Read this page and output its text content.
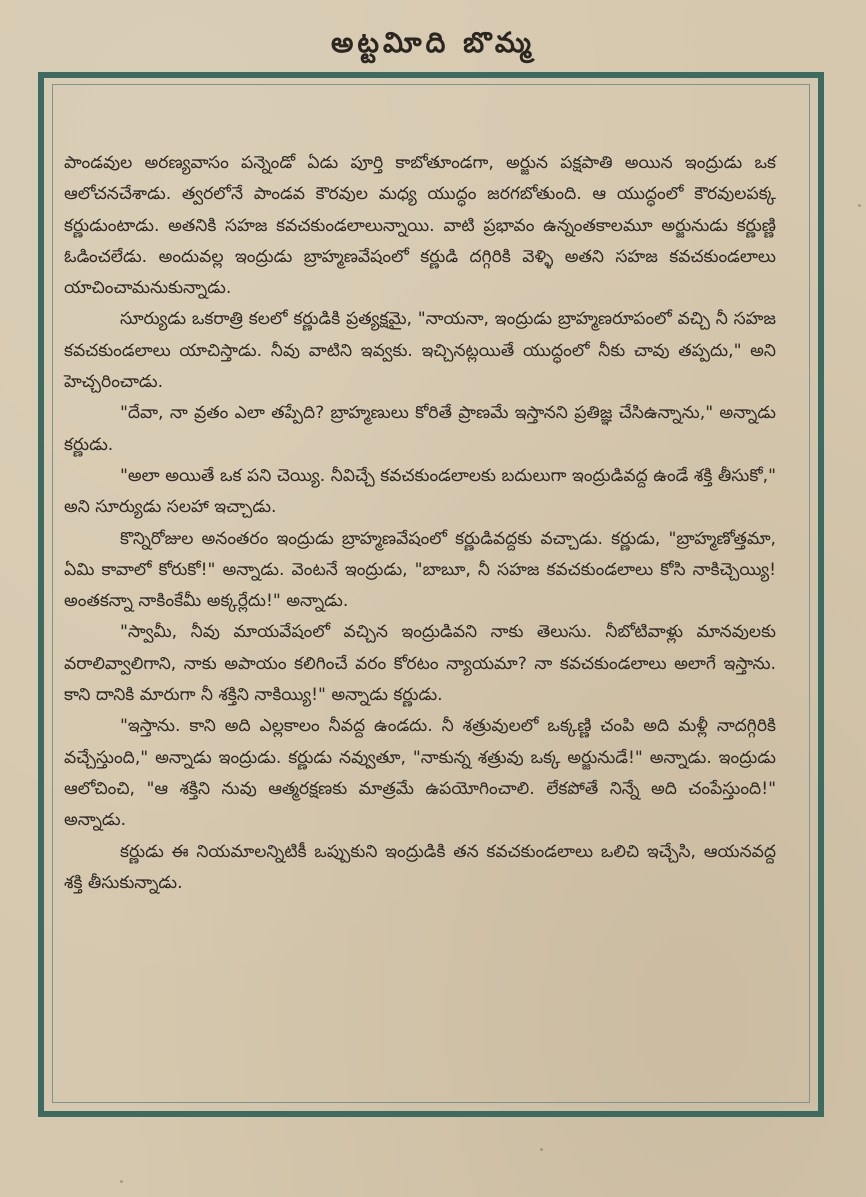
అట్టవిూది బొమ్మ

పాండవుల అరణ్యవాసం పన్నెండో ఏడు పూర్తి కాబోతూండగా, అర్జున పక్షపాతి అయిన ఇంద్రుడు ఒక ఆలోచనచేశాడు. త్వరలోనే పాండవ కౌరవుల మధ్య యుద్ధం జరగబోతుంది. ఆ యుద్ధంలో కౌరవులపక్క కర్ణుడుంటాడు. అతనికి సహజ కవచకుండలాలున్నాయి. వాటి ప్రభావం ఉన్నంతకాలమూ అర్జునుడు కర్ణుణ్ణి ఓడించలేడు. అందువల్ల ఇంద్రుడు బ్రాహ్మణవేషంలో కర్ణుడి దగ్గిరికి వెళ్ళి అతని సహజ కవచకుండలాలు యాచించామనుకున్నాడు.

సూర్యుడు ఒకరాత్రి కలలో కర్ణుడికి ప్రత్యక్షమై, "నాయనా, ఇంద్రుడు బ్రాహ్మణరూపంలో వచ్చి నీ సహజ కవచకుండలాలు యాచిస్తాడు. నీవు వాటిని ఇవ్వకు. ఇచ్చినట్లయితే యుద్ధంలో నీకు చావు తప్పదు," అని హెచ్చరించాడు.

"దేవా, నా వ్రతం ఎలా తప్పేది? బ్రాహ్మణులు కోరితే ప్రాణమే ఇస్తానని ప్రతిజ్ఞ చేసిఉన్నాను," అన్నాడు కర్ణుడు.

"అలా అయితే ఒక పని చెయ్యి. నీవిచ్చే కవచకుండలాలకు బదులుగా ఇంద్రుడివద్ద ఉండే శక్తి తీసుకో," అని సూర్యుడు సలహా ఇచ్చాడు.

కొన్నిరోజుల అనంతరం ఇంద్రుడు బ్రాహ్మణవేషంలో కర్ణుడివద్దకు వచ్చాడు. కర్ణుడు, "బ్రాహ్మణోత్తమా, ఏమి కావాలో కోరుకో!" అన్నాడు. వెంటనే ఇంద్రుడు, "బాబూ, నీ సహజ కవచకుండలాలు కోసి నాకిచ్చెయ్యి! అంతకన్నా నాకింకేమీ అక్కర్లేదు!" అన్నాడు.

"స్వామీ, నీవు మాయవేషంలో వచ్చిన ఇంద్రుడివని నాకు తెలుసు. నీబోటివాళ్లు మానవులకు వరాలివ్వాలిగాని, నాకు అపాయం కలిగించే వరం కోరటం న్యాయమా? నా కవచకుండలాలు అలాగే ఇస్తాను. కాని దానికి మారుగా నీ శక్తిని నాకియ్యి!" అన్నాడు కర్ణుడు.

"ఇస్తాను. కాని అది ఎల్లకాలం నీవద్ద ఉండదు. నీ శత్రువులలో ఒక్కణ్ణి చంపి అది మళ్లీ నాదగ్గిరికి వచ్చేస్తుంది," అన్నాడు ఇంద్రుడు. కర్ణుడు నవ్వుతూ, "నాకున్న శత్రువు ఒక్క అర్జునుడే!" అన్నాడు. ఇంద్రుడు ఆలోచించి, "ఆ శక్తిని నువు ఆత్మరక్షణకు మాత్రమే ఉపయోగించాలి. లేకపోతే నిన్నే అది చంపేస్తుంది!" అన్నాడు.

కర్ణుడు ఈ నియమాలన్నిటికీ ఒప్పుకుని ఇంద్రుడికి తన కవచకుండలాలు ఒలిచి ఇచ్చేసి, ఆయనవద్ద శక్తి తీసుకున్నాడు.
